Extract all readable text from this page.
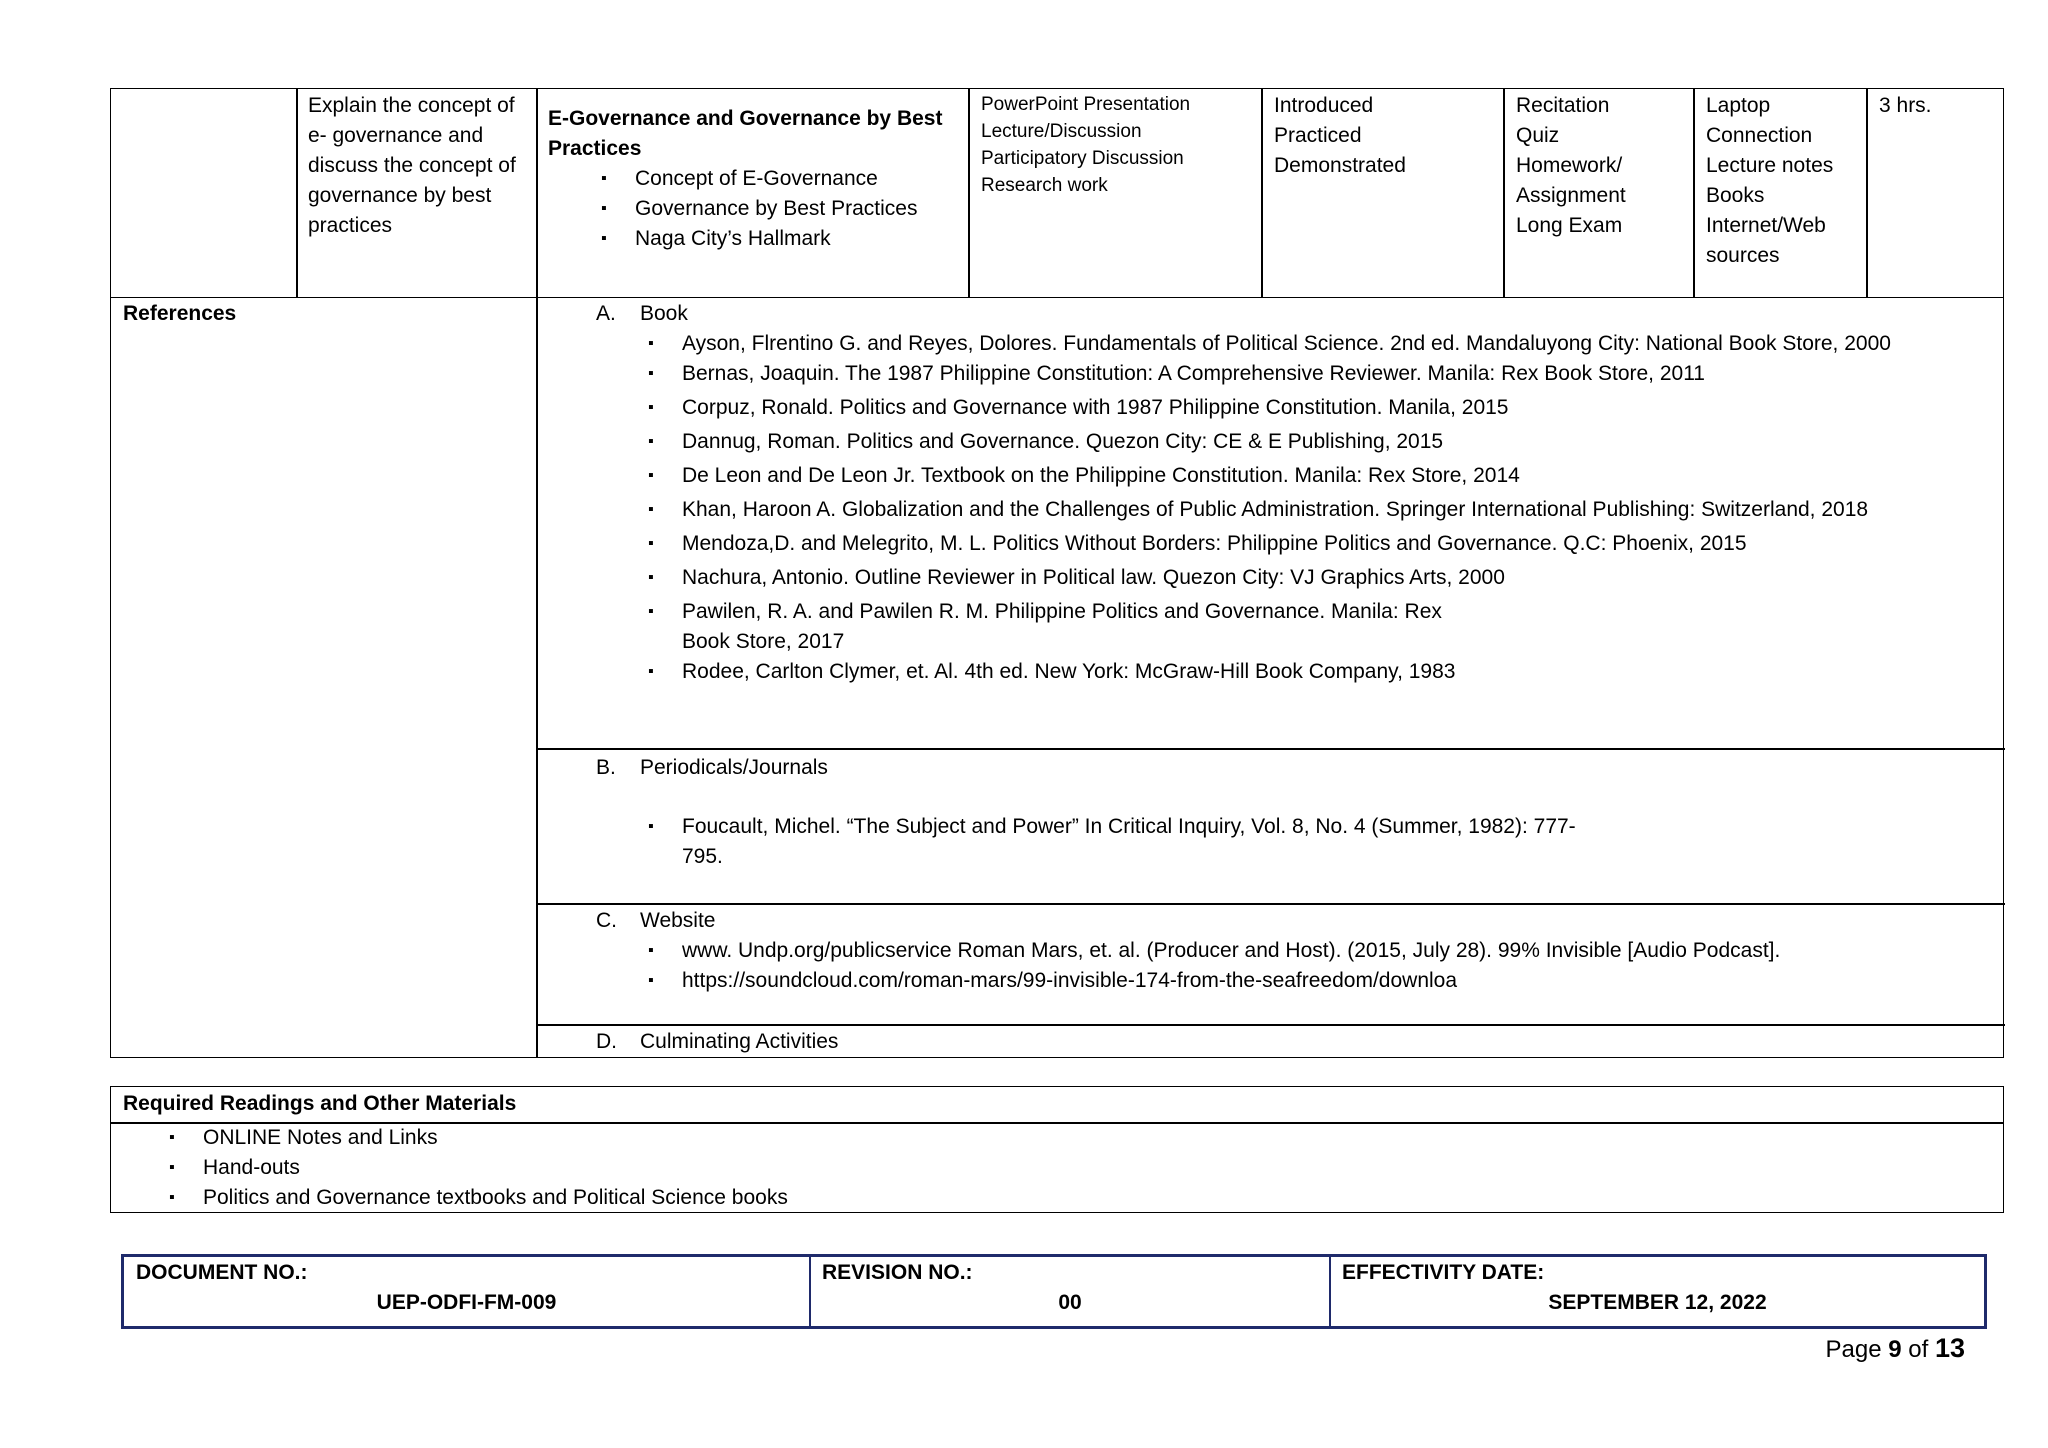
Explain the concept of e- governance and discuss the concept of governance by best practices
E-Governance and Governance by Best Practices
▪ Concept of E-Governance
▪ Governance by Best Practices
▪ Naga City’s Hallmark
PowerPoint Presentation
Lecture/Discussion
Participatory Discussion
Research work
Introduced
Practiced
Demonstrated
Recitation
Quiz
Homework/
Assignment
Long Exam
Laptop
Connection
Lecture notes
Books
Internet/Web
sources
3 hrs.
References	A. Book
▪ Ayson, Flrentino G. and Reyes, Dolores. Fundamentals of Political Science. 2nd ed. Mandaluyong City: National Book Store, 2000
▪ Bernas, Joaquin. The 1987 Philippine Constitution: A Comprehensive Reviewer. Manila: Rex Book Store, 2011
▪ Corpuz, Ronald. Politics and Governance with 1987 Philippine Constitution. Manila, 2015
▪ Dannug, Roman. Politics and Governance. Quezon City: CE & E Publishing, 2015
▪ De Leon and De Leon Jr. Textbook on the Philippine Constitution. Manila: Rex Store, 2014
▪ Khan, Haroon A. Globalization and the Challenges of Public Administration. Springer International Publishing: Switzerland, 2018
▪ Mendoza,D. and Melegrito, M. L. Politics Without Borders: Philippine Politics and Governance. Q.C: Phoenix, 2015
▪ Nachura, Antonio. Outline Reviewer in Political law. Quezon City: VJ Graphics Arts, 2000
▪ Pawilen, R. A. and Pawilen R. M. Philippine Politics and Governance. Manila: Rex Book Store, 2017
▪ Rodee, Carlton Clymer, et. Al. 4th ed. New York: McGraw-Hill Book Company, 1983
B. Periodicals/Journals
▪ Foucault, Michel. “The Subject and Power” In Critical Inquiry, Vol. 8, No. 4 (Summer, 1982): 777-795.
C. Website
▪ www. Undp.org/publicservice Roman Mars, et. al. (Producer and Host). (2015, July 28). 99% Invisible [Audio Podcast].
▪ https://soundcloud.com/roman-mars/99-invisible-174-from-the-seafreedom/downloa
D. Culminating Activities
Required Readings and Other Materials
▪ ONLINE Notes and Links
▪ Hand-outs
▪ Politics and Governance textbooks and Political Science books
DOCUMENT NO.:
UEP-ODFI-FM-009
REVISION NO.:
00
EFFECTIVITY DATE:
SEPTEMBER 12, 2022
Page 9 of 13
